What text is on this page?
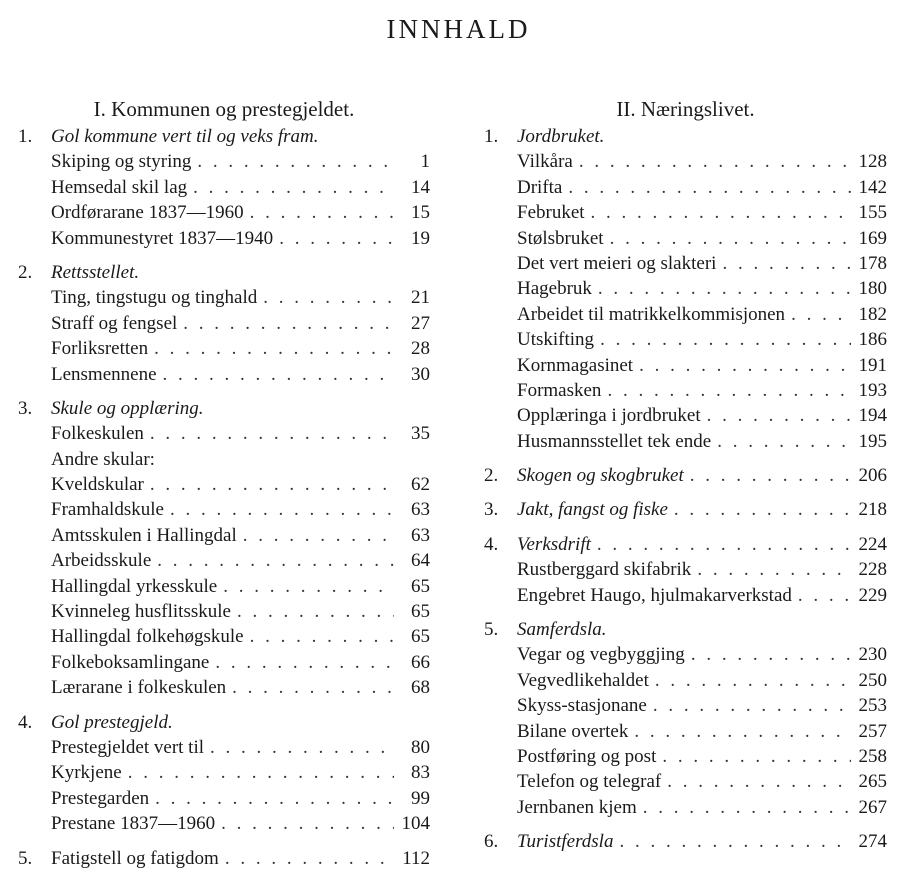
INNHALD
I. Kommunen og prestegjeldet.
1. Gol kommune vert til og veks fram.
Skiping og styring . . .	1
Hemsedal skil lag . . .	14
Ordførarane 1837—1960 . . .	15
Kommunestyret 1837—1940 . . .	19
2. Rettsstellet.
Ting, tingstugu og tinghald . . .	21
Straff og fengsel . . .	27
Forliksretten . . .	28
Lensmennene . . .	30
3. Skule og opplæring.
Folkeskulen . . .	35
Andre skular:
Kveldskular . . .	62
Framhaldskule . . .	63
Amtsskulen i Hallingdal . . .	63
Arbeidsskule . . .	64
Hallingdal yrkesskule . . .	65
Kvinneleg husflitsskule . . .	65
Hallingdal folkehøgskule . . .	65
Folkeboksamlingane . . .	66
Lærarane i folkeskulen . . .	68
4. Gol prestegjeld.
Prestegjeldet vert til . . .	80
Kyrkjene . . .	83
Prestegarden . . .	99
Prestane 1837—1960 . . .	104
5. Fatigstell og fatigdom . . .	112
II. Næringslivet.
1. Jordbruket.
Vilkåra . . .	128
Drifta . . .	142
Februket . . .	155
Stølsbruket . . .	169
Det vert meieri og slakteri . . .	178
Hagebruk . . .	180
Arbeidet til matrikkelkommisjonen . . .	182
Utskifting . . .	186
Kornmagasinet . . .	191
Formasken . . .	193
Opplæringa i jordbruket . . .	194
Husmannsstellet tek ende . . .	195
2. Skogen og skogbruket . . .	206
3. Jakt, fangst og fiske . . .	218
4. Verksdrift . . .	224
Rustberggard skifabrik . . .	228
Engebret Haugo, hjulmakarverkstad . . .	229
5. Samferdsla.
Vegar og vegbyggjing . . .	230
Vegvedlikehaldet . . .	250
Skyss-stasjonane . . .	253
Bilane overtek . . .	257
Postføring og post . . .	258
Telefon og telegraf . . .	265
Jernbanen kjem . . .	267
6. Turistferdsla . . .	274
